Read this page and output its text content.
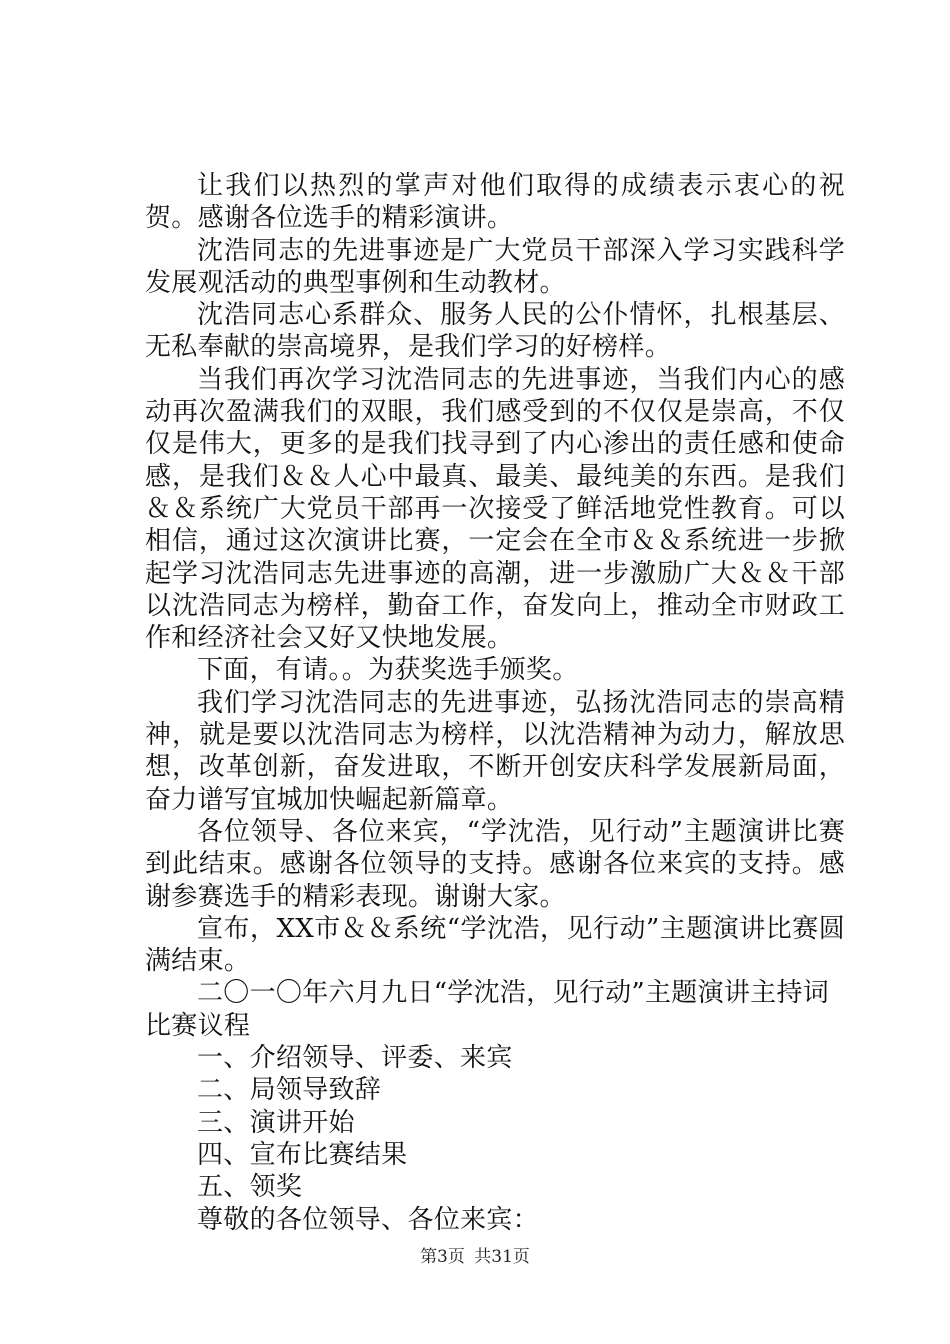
让我们以热烈的掌声对他们取得的成绩表示衷心的祝贺。感谢各位选手的精彩演讲。

沈浩同志的先进事迹是广大党员干部深入学习实践科学发展观活动的典型事例和生动教材。

沈浩同志心系群众、服务人民的公仆情怀，扎根基层、无私奉献的崇高境界，是我们学习的好榜样。

当我们再次学习沈浩同志的先进事迹，当我们内心的感动再次盈满我们的双眼，我们感受到的不仅仅是崇高，不仅仅是伟大，更多的是我们找寻到了内心渗出的责任感和使命感，是我们＆＆人心中最真、最美、最纯美的东西。是我们＆＆系统广大党员干部再一次接受了鲜活地党性教育。可以相信，通过这次演讲比赛，一定会在全市＆＆系统进一步掀起学习沈浩同志先进事迹的高潮，进一步激励广大＆＆干部以沈浩同志为榜样，勤奋工作，奋发向上，推动全市财政工作和经济社会又好又快地发展。

下面，有请。。为获奖选手颁奖。

我们学习沈浩同志的先进事迹，弘扬沈浩同志的崇高精神，就是要以沈浩同志为榜样，以沈浩精神为动力，解放思想，改革创新，奋发进取，不断开创安庆科学发展新局面，奋力谱写宜城加快崛起新篇章。

各位领导、各位来宾，“学沈浩，见行动”主题演讲比赛到此结束。感谢各位领导的支持。感谢各位来宾的支持。感谢参赛选手的精彩表现。谢谢大家。

宣布，XX市＆＆系统“学沈浩，见行动”主题演讲比赛圆满结束。

二〇一〇年六月九日“学沈浩，见行动”主题演讲主持词

比赛议程

一、介绍领导、评委、来宾

二、局领导致辞

三、演讲开始

四、宣布比赛结果

五、领奖

尊敬的各位领导、各位来宾：

第3页 共31页
